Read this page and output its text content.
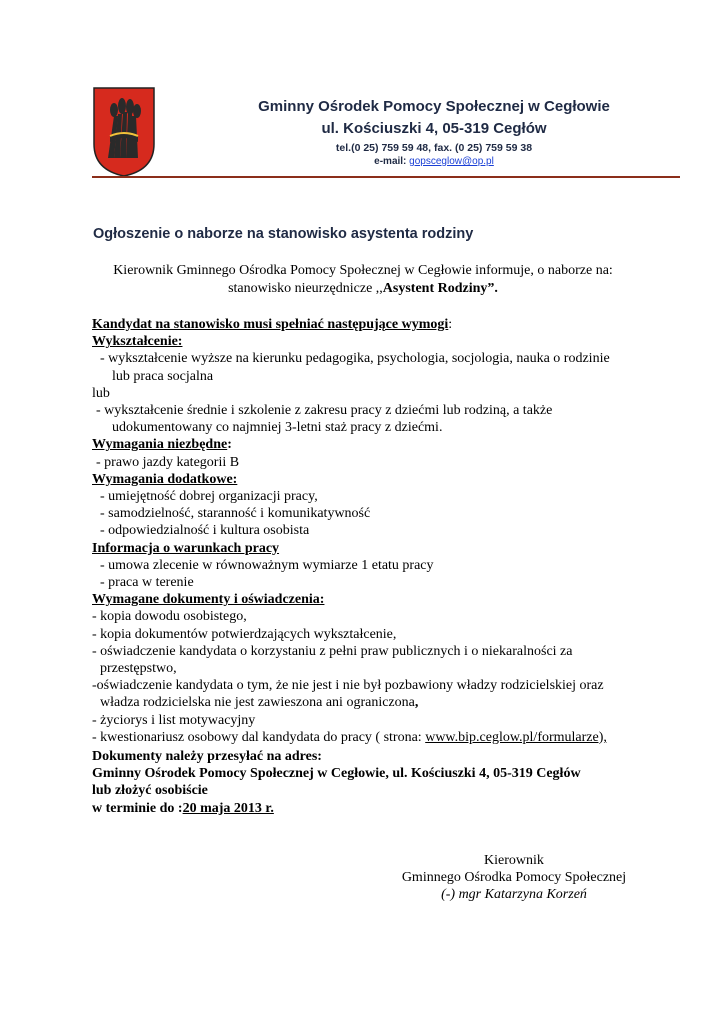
Gminny Ośrodek Pomocy Społecznej w Cegłowie
ul. Kościuszki 4, 05-319 Cegłów
tel.(0 25) 759 59 48, fax. (0 25) 759 59 38
e-mail: gopsceglow@op.pl
Ogłoszenie o naborze na stanowisko asystenta rodziny
Kierownik Gminnego Ośrodka Pomocy Społecznej w Cegłowie informuje, o naborze na:
stanowisko nieurzędnicze ,,Asystent Rodziny”.
Kandydat na stanowisko musi spełniać następujące wymogi:
Wykształcenie:
- wykształcenie wyższe na kierunku pedagogika, psychologia, socjologia, nauka o rodzinie
lub praca socjalna
lub
- wykształcenie średnie i szkolenie z zakresu pracy z dziećmi lub rodziną, a także
udokumentowany co najmniej 3-letni staż pracy z dziećmi.
Wymagania niezbędne:
- prawo jazdy kategorii B
Wymagania dodatkowe:
- umiejętność dobrej organizacji pracy,
- samodzielność, staranność i komunikatywność
- odpowiedzialność i kultura osobista
Informacja o warunkach pracy
- umowa zlecenie w równoważnym wymiarze 1 etatu pracy
- praca w terenie
Wymagane dokumenty i oświadczenia:
- kopia dowodu osobistego,
- kopia dokumentów potwierdzających wykształcenie,
- oświadczenie kandydata o korzystaniu z pełni praw publicznych i o niekaralności za
przestępstwo,
-oświadczenie kandydata o tym, że nie jest i nie był pozbawiony władzy rodzicielskiej oraz
władza rodzicielska nie jest zawieszona ani ograniczona,
- życiorys i list motywacyjny
- kwestionariusz osobowy dal kandydata do pracy ( strona: www.bip.ceglow.pl/formularze),
Dokumenty należy przesyłać na adres:
Gminny Ośrodek Pomocy Społecznej w Cegłowie, ul. Kościuszki 4, 05-319 Cegłów
lub złożyć osobiście
w terminie do :20 maja 2013 r.
Kierownik
Gminnego Ośrodka Pomocy Społecznej
(-) mgr Katarzyna Korzeń
